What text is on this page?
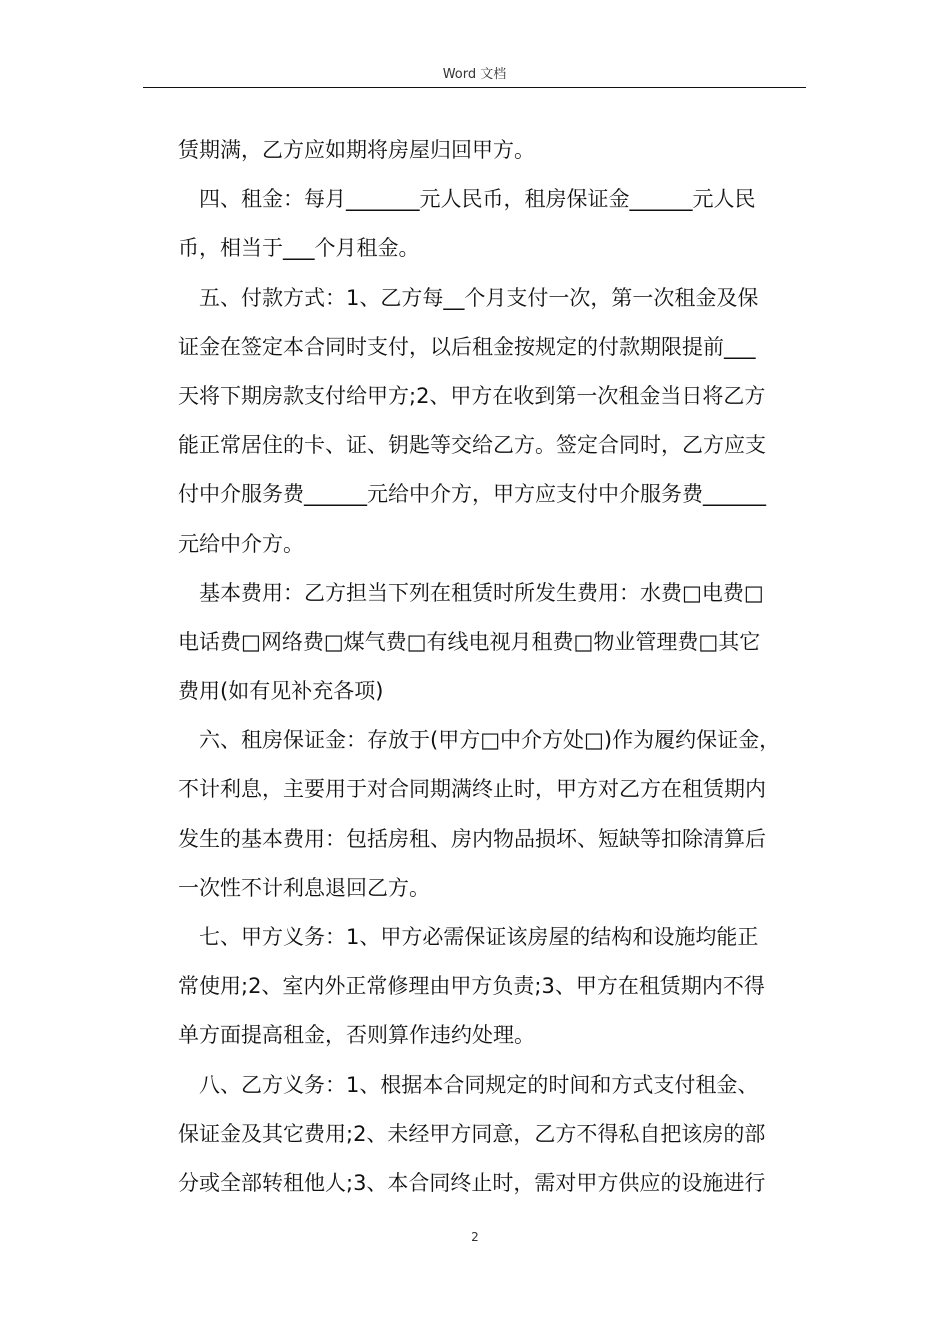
Word 文档
赁期满，乙方应如期将房屋归回甲方。
四、租金：每月_______元人民币，租房保证金______元人民
币，相当于___个月租金。
五、付款方式：1、乙方每__个月支付一次，第一次租金及保
证金在签定本合同时支付，以后租金按规定的付款期限提前___
天将下期房款支付给甲方;2、甲方在收到第一次租金当日将乙方
能正常居住的卡、证、钥匙等交给乙方。签定合同时，乙方应支
付中介服务费______元给中介方，甲方应支付中介服务费______
元给中介方。
基本费用：乙方担当下列在租赁时所发生费用：水费□电费□
电话费□网络费□煤气费□有线电视月租费□物业管理费□其它
费用(如有见补充各项)
六、租房保证金：存放于(甲方□中介方处□)作为履约保证金，
不计利息，主要用于对合同期满终止时，甲方对乙方在租赁期内
发生的基本费用：包括房租、房内物品损坏、短缺等扣除清算后
一次性不计利息退回乙方。
七、甲方义务：1、甲方必需保证该房屋的结构和设施均能正
常使用;2、室内外正常修理由甲方负责;3、甲方在租赁期内不得
单方面提高租金，否则算作违约处理。
八、乙方义务：1、根据本合同规定的时间和方式支付租金、
保证金及其它费用;2、未经甲方同意，乙方不得私自把该房的部
分或全部转租他人;3、本合同终止时，需对甲方供应的设施进行
2
